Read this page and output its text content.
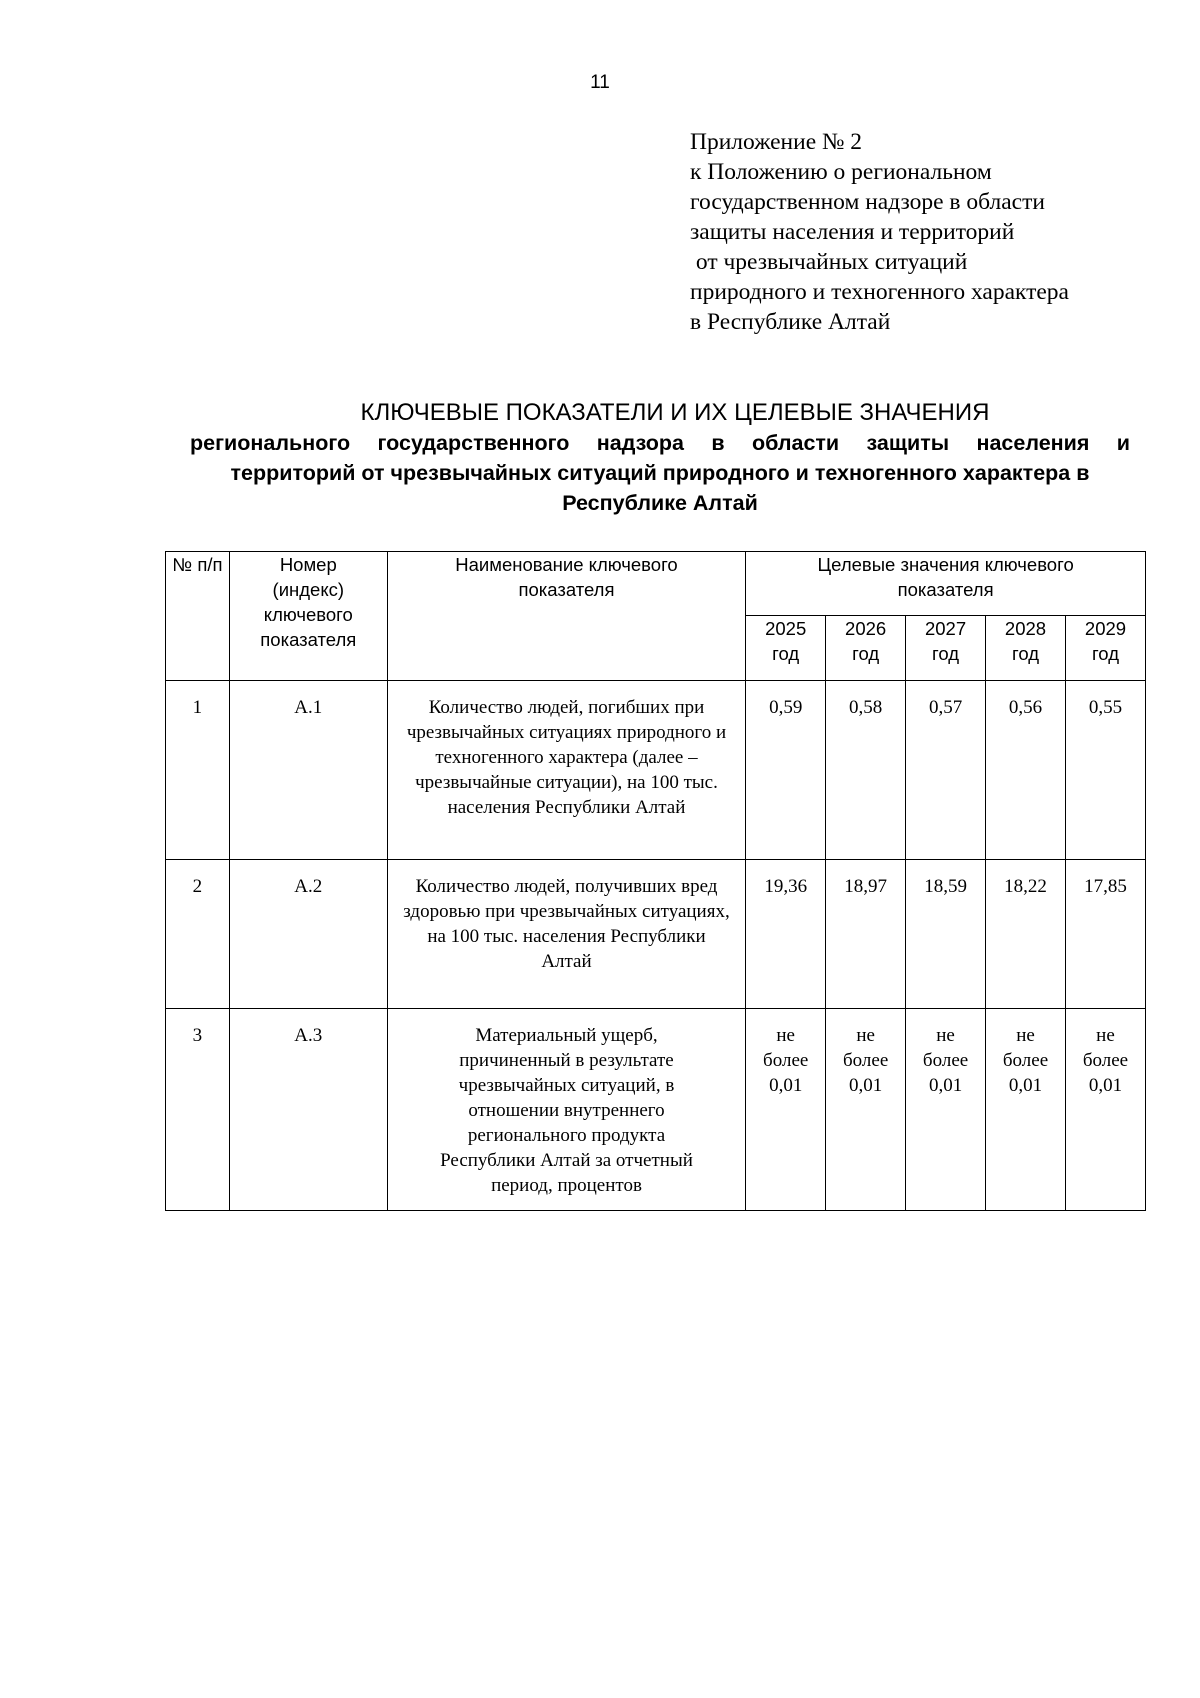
11
Приложение № 2
к Положению о региональном
государственном надзоре в области
защиты населения и территорий
от чрезвычайных ситуаций
природного и техногенного характера
в Республике Алтай
КЛЮЧЕВЫЕ ПОКАЗАТЕЛИ И ИХ ЦЕЛЕВЫЕ ЗНАЧЕНИЯ
регионального государственного надзора в области защиты населения и
территорий от чрезвычайных ситуаций природного и техногенного характера в
Республике Алтай
№ п/п	Номер (индекс) ключевого показателя	Наименование ключевого показателя	Целевые значения ключевого показателя				
			2025 год	2026 год	2027 год	2028 год	2029 год
1	А.1	Количество людей, погибших при чрезвычайных ситуациях природного и техногенного характера (далее – чрезвычайные ситуации), на 100 тыс. населения Республики Алтай	0,59	0,58	0,57	0,56	0,55
2	А.2	Количество людей, получивших вред здоровью при чрезвычайных ситуациях, на 100 тыс. населения Республики Алтай	19,36	18,97	18,59	18,22	17,85
3	А.3	Материальный ущерб, причиненный в результате чрезвычайных ситуаций, в отношении внутреннего регионального продукта Республики Алтай за отчетный период, процентов	не более 0,01	не более 0,01	не более 0,01	не более 0,01	не более 0,01
